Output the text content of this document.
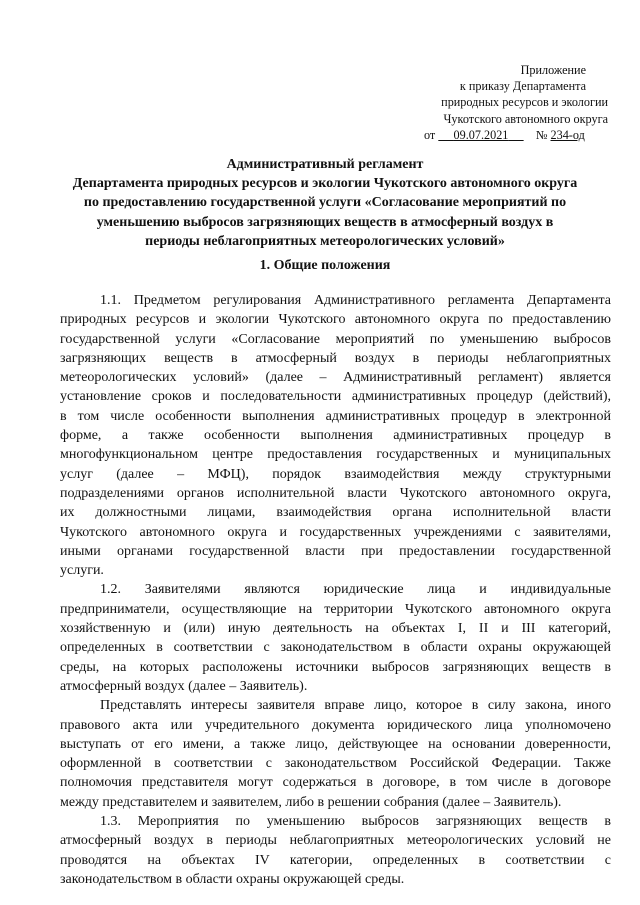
Приложение
к приказу Департамента
природных ресурсов и экологии
Чукотского автономного округа
от 09.07.2021 № 234-од
Административный регламент
Департамента природных ресурсов и экологии Чукотского автономного округа
по предоставлению государственной услуги «Согласование мероприятий по
уменьшению выбросов загрязняющих веществ в атмосферный воздух в
периоды неблагоприятных метеорологических условий»
1. Общие положения
1.1. Предметом регулирования Административного регламента Департамента
природных ресурсов и экологии Чукотского автономного округа по предоставлению
государственной услуги «Согласование мероприятий по уменьшению выбросов
загрязняющих веществ в атмосферный воздух в периоды неблагоприятных
метеорологических условий» (далее – Административный регламент) является
установление сроков и последовательности административных процедур (действий),
в том числе особенности выполнения административных процедур в электронной
форме, а также особенности выполнения административных процедур в
многофункциональном центре предоставления государственных и муниципальных
услуг (далее – МФЦ), порядок взаимодействия между структурными
подразделениями органов исполнительной власти Чукотского автономного округа,
их должностными лицами, взаимодействия органа исполнительной власти
Чукотского автономного округа и государственных учреждениями с заявителями,
иными органами государственной власти при предоставлении государственной
услуги.
1.2. Заявителями являются юридические лица и индивидуальные
предприниматели, осуществляющие на территории Чукотского автономного округа
хозяйственную и (или) иную деятельность на объектах I, II и III категорий,
определенных в соответствии с законодательством в области охраны окружающей
среды, на которых расположены источники выбросов загрязняющих веществ в
атмосферный воздух (далее – Заявитель).
Представлять интересы заявителя вправе лицо, которое в силу закона, иного
правового акта или учредительного документа юридического лица уполномочено
выступать от его имени, а также лицо, действующее на основании доверенности,
оформленной в соответствии с законодательством Российской Федерации. Также
полномочия представителя могут содержаться в договоре, в том числе в договоре
между представителем и заявителем, либо в решении собрания (далее – Заявитель).
1.3. Мероприятия по уменьшению выбросов загрязняющих веществ в
атмосферный воздух в периоды неблагоприятных метеорологических условий не
проводятся на объектах IV категории, определенных в соответствии с
законодательством в области охраны окружающей среды.
